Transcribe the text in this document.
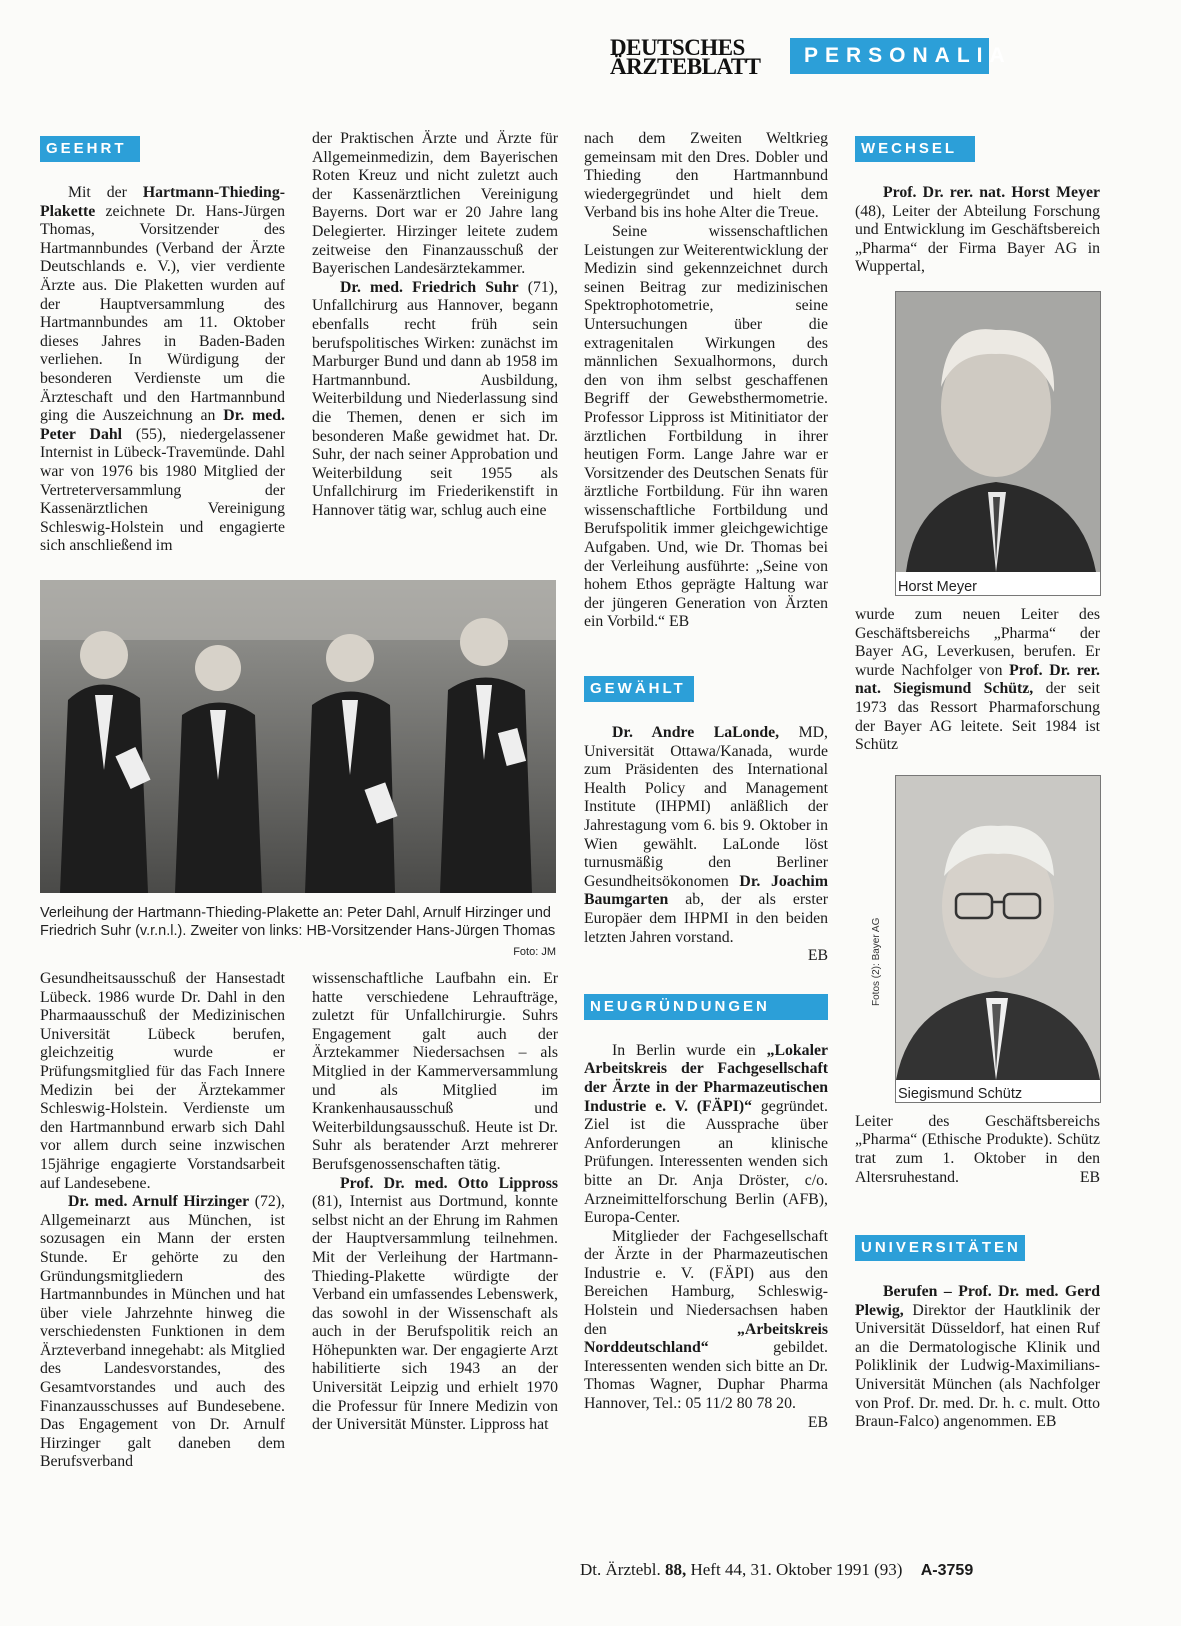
DEUTSCHES
ÄRZTEBLATT	PERSONALIA
GEEHRT

Mit der Hartmann-Thieding-Plakette zeichnete Dr. Hans-Jürgen Thomas, Vorsitzender des Hartmannbundes (Verband der Ärzte Deutschlands e. V.), vier verdiente Ärzte aus. Die Plaketten wurden auf der Hauptversammlung des Hartmannbundes am 11. Oktober dieses Jahres in Baden-Baden verliehen. In Würdigung der besonderen Verdienste um die Ärzteschaft und den Hartmannbund ging die Auszeichnung an Dr. med. Peter Dahl (55), niedergelassener Internist in Lübeck-Travemünde. Dahl war von 1976 bis 1980 Mitglied der Vertreterversammlung der Kassenärztlichen Vereinigung Schleswig-Holstein und engagierte sich anschließend im

der Praktischen Ärzte und Ärzte für Allgemeinmedizin, dem Bayerischen Roten Kreuz und nicht zuletzt auch der Kassenärztlichen Vereinigung Bayerns. Dort war er 20 Jahre lang Delegierter. Hirzinger leitete zudem zeitweise den Finanzausschuß der Bayerischen Landesärztekammer.

Dr. med. Friedrich Suhr (71), Unfallchirurg aus Hannover, begann ebenfalls recht früh sein berufspolitisches Wirken: zunächst im Marburger Bund und dann ab 1958 im Hartmannbund. Ausbildung, Weiterbildung und Niederlassung sind die Themen, denen er sich im besonderen Maße gewidmet hat. Dr. Suhr, der nach seiner Approbation und Weiterbildung seit 1955 als Unfallchirurg im Friederikenstift in Hannover tätig war, schlug auch eine

Verleihung der Hartmann-Thieding-Plakette an: Peter Dahl, Arnulf Hirzinger und Friedrich Suhr (v.r.n.l.). Zweiter von links: HB-Vorsitzender Hans-Jürgen Thomas
Foto: JM

Gesundheitsausschuß der Hansestadt Lübeck. 1986 wurde Dr. Dahl in den Pharmaausschuß der Medizinischen Universität Lübeck berufen, gleichzeitig wurde er Prüfungsmitglied für das Fach Innere Medizin bei der Ärztekammer Schleswig-Holstein. Verdienste um den Hartmannbund erwarb sich Dahl vor allem durch seine inzwischen 15jährige engagierte Vorstandsarbeit auf Landesebene.

Dr. med. Arnulf Hirzinger (72), Allgemeinarzt aus München, ist sozusagen ein Mann der ersten Stunde. Er gehörte zu den Gründungsmitgliedern des Hartmannbundes in München und hat über viele Jahrzehnte hinweg die verschiedensten Funktionen in dem Ärzteverband innegehabt: als Mitglied des Landesvorstandes, des Gesamtvorstandes und auch des Finanzausschusses auf Bundesebene. Das Engagement von Dr. Arnulf Hirzinger galt daneben dem Berufsverband

wissenschaftliche Laufbahn ein. Er hatte verschiedene Lehraufträge, zuletzt für Unfallchirurgie. Suhrs Engagement galt auch der Ärztekammer Niedersachsen – als Mitglied in der Kammerversammlung und als Mitglied im Krankenhausausschuß und Weiterbildungsausschuß. Heute ist Dr. Suhr als beratender Arzt mehrerer Berufsgenossenschaften tätig.

Prof. Dr. med. Otto Lippross (81), Internist aus Dortmund, konnte selbst nicht an der Ehrung im Rahmen der Hauptversammlung teilnehmen. Mit der Verleihung der Hartmann-Thieding-Plakette würdigte der Verband ein umfassendes Lebenswerk, das sowohl in der Wissenschaft als auch in der Berufspolitik reich an Höhepunkten war. Der engagierte Arzt habilitierte sich 1943 an der Universität Leipzig und erhielt 1970 die Professur für Innere Medizin von der Universität Münster. Lippross hat

nach dem Zweiten Weltkrieg gemeinsam mit den Dres. Dobler und Thieding den Hartmannbund wiedergegründet und hielt dem Verband bis ins hohe Alter die Treue.

Seine wissenschaftlichen Leistungen zur Weiterentwicklung der Medizin sind gekennzeichnet durch seinen Beitrag zur medizinischen Spektrophotometrie, seine Untersuchungen über die extragenitalen Wirkungen des männlichen Sexualhormons, durch den von ihm selbst geschaffenen Begriff der Gewebsthermometrie. Professor Lippross ist Mitinitiator der ärztlichen Fortbildung in ihrer heutigen Form. Lange Jahre war er Vorsitzender des Deutschen Senats für ärztliche Fortbildung. Für ihn waren wissenschaftliche Fortbildung und Berufspolitik immer gleichgewichtige Aufgaben. Und, wie Dr. Thomas bei der Verleihung ausführte: „Seine von hohem Ethos geprägte Haltung war der jüngeren Generation von Ärzten ein Vorbild.“ EB

GEWÄHLT

Dr. Andre LaLonde, MD, Universität Ottawa/Kanada, wurde zum Präsidenten des International Health Policy and Management Institute (IHPMI) anläßlich der Jahrestagung vom 6. bis 9. Oktober in Wien gewählt. LaLonde löst turnusmäßig den Berliner Gesundheitsökonomen Dr. Joachim Baumgarten ab, der als erster Europäer dem IHPMI in den beiden letzten Jahren vorstand.

EB

NEUGRÜNDUNGEN

In Berlin wurde ein „Lokaler Arbeitskreis der Fachgesellschaft der Ärzte in der Pharmazeutischen Industrie e. V. (FÄPI)“ gegründet. Ziel ist die Aussprache über Anforderungen an klinische Prüfungen. Interessenten wenden sich bitte an Dr. Anja Dröster, c/o. Arzneimittelforschung Berlin (AFB), Europa-Center.

Mitglieder der Fachgesellschaft der Ärzte in der Pharmazeutischen Industrie e. V. (FÄPI) aus den Bereichen Hamburg, Schleswig-Holstein und Niedersachsen haben den „Arbeitskreis Norddeutschland“ gebildet. Interessenten wenden sich bitte an Dr. Thomas Wagner, Duphar Pharma Hannover, Tel.: 05 11/2 80 78 20.

EB

WECHSEL

Prof. Dr. rer. nat. Horst Meyer (48), Leiter der Abteilung Forschung und Entwicklung im Geschäftsbereich „Pharma“ der Firma Bayer AG in Wuppertal,

Horst Meyer

wurde zum neuen Leiter des Geschäftsbereichs „Pharma“ der Bayer AG, Leverkusen, berufen. Er wurde Nachfolger von Prof. Dr. rer. nat. Siegismund Schütz, der seit 1973 das Ressort Pharmaforschung der Bayer AG leitete. Seit 1984 ist Schütz

Siegismund Schütz
Fotos (2): Bayer AG

Leiter des Geschäftsbereichs „Pharma“ (Ethische Produkte). Schütz trat zum 1. Oktober in den Altersruhestand.	EB

UNIVERSITÄTEN

Berufen – Prof. Dr. med. Gerd Plewig, Direktor der Hautklinik der Universität Düsseldorf, hat einen Ruf an die Dermatologische Klinik und Poliklinik der Ludwig-Maximilians-Universität München (als Nachfolger von Prof. Dr. med. Dr. h. c. mult. Otto Braun-Falco) angenommen. EB

Dt. Ärztebl. 88, Heft 44, 31. Oktober 1991 (93) A-3759
